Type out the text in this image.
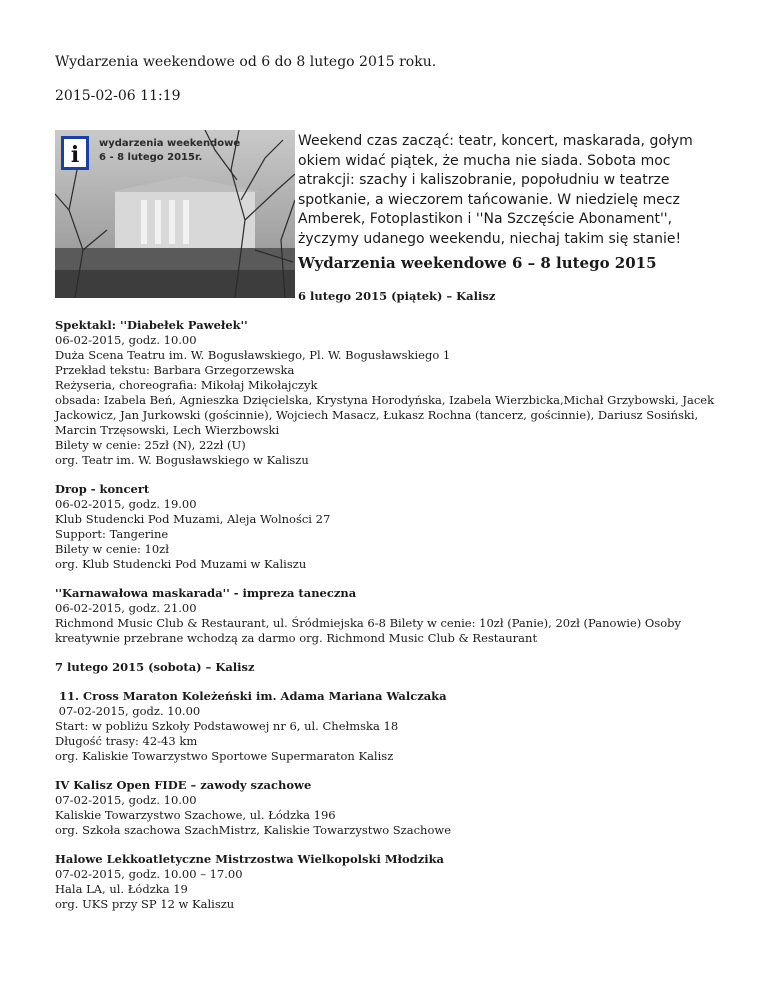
Wydarzenia weekendowe od 6 do 8 lutego 2015 roku.
2015-02-06 11:19
i wydarzenia weekendowe
6 - 8 lutego 2015r.
Weekend czas zacząć: teatr, koncert, maskarada, gołym okiem widać piątek, że mucha nie siada. Sobota moc atrakcji: szachy i kaliszobranie, popołudniu w teatrze spotkanie, a wieczorem tańcowanie. W niedzielę mecz Amberek, Fotoplastikon i ''Na Szczęście Abonament'', życzymy udanego weekendu, niechaj takim się stanie!
Wydarzenia weekendowe 6 – 8 lutego 2015
6 lutego 2015 (piątek) – Kalisz
Spektakl: ''Diabełek Pawełek''
06-02-2015, godz. 10.00
Duża Scena Teatru im. W. Bogusławskiego, Pl. W. Bogusławskiego 1
Przekład tekstu: Barbara Grzegorzewska
Reżyseria, choreografia: Mikołaj Mikołajczyk
obsada: Izabela Beń, Agnieszka Dzięcielska, Krystyna Horodyńska, Izabela Wierzbicka,Michał Grzybowski, Jacek Jackowicz, Jan Jurkowski (gościnnie), Wojciech Masacz, Łukasz Rochna (tancerz, gościnnie), Dariusz Sosiński, Marcin Trzęsowski, Lech Wierzbowski
Bilety w cenie: 25zł (N), 22zł (U)
org. Teatr im. W. Bogusławskiego w Kaliszu
Drop - koncert
06-02-2015, godz. 19.00
Klub Studencki Pod Muzami, Aleja Wolności 27
Support: Tangerine
Bilety w cenie: 10zł
org. Klub Studencki Pod Muzami w Kaliszu
''Karnawałowa maskarada'' - impreza taneczna
06-02-2015, godz. 21.00
Richmond Music Club & Restaurant, ul. Śródmiejska 6-8 Bilety w cenie: 10zł (Panie), 20zł (Panowie) Osoby kreatywnie przebrane wchodzą za darmo org. Richmond Music Club & Restaurant
7 lutego 2015 (sobota) – Kalisz
11. Cross Maraton Koleżeński im. Adama Mariana Walczaka
07-02-2015, godz. 10.00
Start: w pobliżu Szkoły Podstawowej nr 6, ul. Chełmska 18
Długość trasy: 42-43 km
org. Kaliskie Towarzystwo Sportowe Supermaraton Kalisz
IV Kalisz Open FIDE – zawody szachowe
07-02-2015, godz. 10.00
Kaliskie Towarzystwo Szachowe, ul. Łódzka 196
org. Szkoła szachowa SzachMistrz, Kaliskie Towarzystwo Szachowe
Halowe Lekkoatletyczne Mistrzostwa Wielkopolski Młodzika
07-02-2015, godz. 10.00 – 17.00
Hala LA, ul. Łódzka 19
org. UKS przy SP 12 w Kaliszu
